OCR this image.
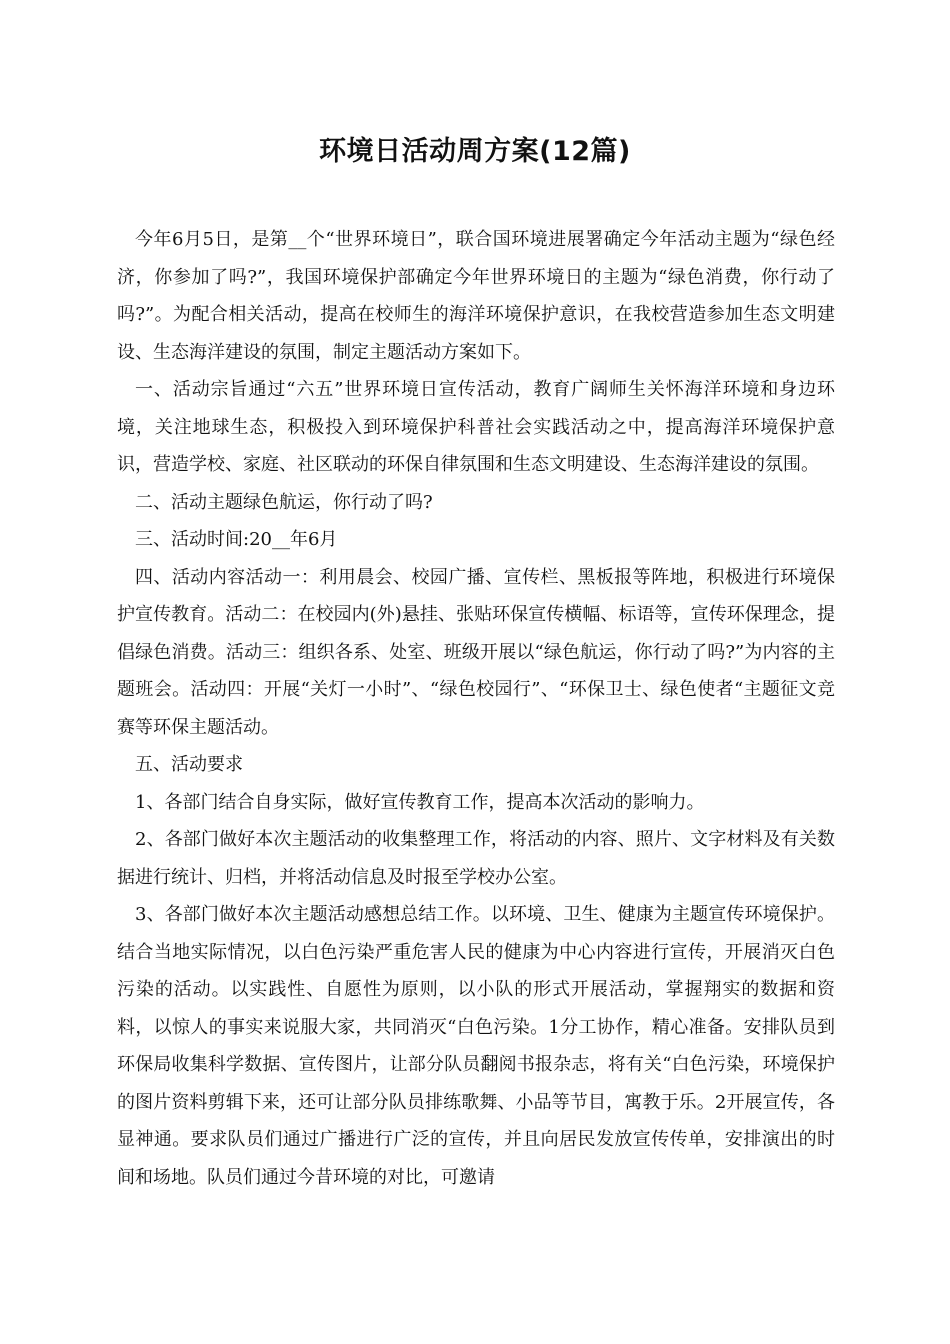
环境日活动周方案(12篇)

今年6月5日，是第__个“世界环境日”，联合国环境进展署确定今年活动主题为“绿色经济，你参加了吗?”，我国环境保护部确定今年世界环境日的主题为“绿色消费，你行动了吗?”。为配合相关活动，提高在校师生的海洋环境保护意识，在我校营造参加生态文明建设、生态海洋建设的氛围，制定主题活动方案如下。

一、活动宗旨通过“六五”世界环境日宣传活动，教育广阔师生关怀海洋环境和身边环境，关注地球生态，积极投入到环境保护科普社会实践活动之中，提高海洋环境保护意识，营造学校、家庭、社区联动的环保自律氛围和生态文明建设、生态海洋建设的氛围。

二、活动主题绿色航运，你行动了吗?

三、活动时间:20__年6月

四、活动内容活动一：利用晨会、校园广播、宣传栏、黑板报等阵地，积极进行环境保护宣传教育。活动二：在校园内(外)悬挂、张贴环保宣传横幅、标语等，宣传环保理念，提倡绿色消费。活动三：组织各系、处室、班级开展以“绿色航运，你行动了吗?”为内容的主题班会。活动四：开展“关灯一小时”、“绿色校园行”、“环保卫士、绿色使者“主题征文竞赛等环保主题活动。

五、活动要求

1、各部门结合自身实际，做好宣传教育工作，提高本次活动的影响力。

2、各部门做好本次主题活动的收集整理工作，将活动的内容、照片、文字材料及有关数据进行统计、归档，并将活动信息及时报至学校办公室。

3、各部门做好本次主题活动感想总结工作。以环境、卫生、健康为主题宣传环境保护。结合当地实际情况，以白色污染严重危害人民的健康为中心内容进行宣传，开展消灭白色污染的活动。以实践性、自愿性为原则，以小队的形式开展活动，掌握翔实的数据和资料，以惊人的事实来说服大家，共同消灭“白色污染。1分工协作，精心准备。安排队员到环保局收集科学数据、宣传图片，让部分队员翻阅书报杂志，将有关“白色污染，环境保护的图片资料剪辑下来，还可让部分队员排练歌舞、小品等节目，寓教于乐。2开展宣传，各显神通。要求队员们通过广播进行广泛的宣传，并且向居民发放宣传传单，安排演出的时间和场地。队员们通过今昔环境的对比，可邀请
